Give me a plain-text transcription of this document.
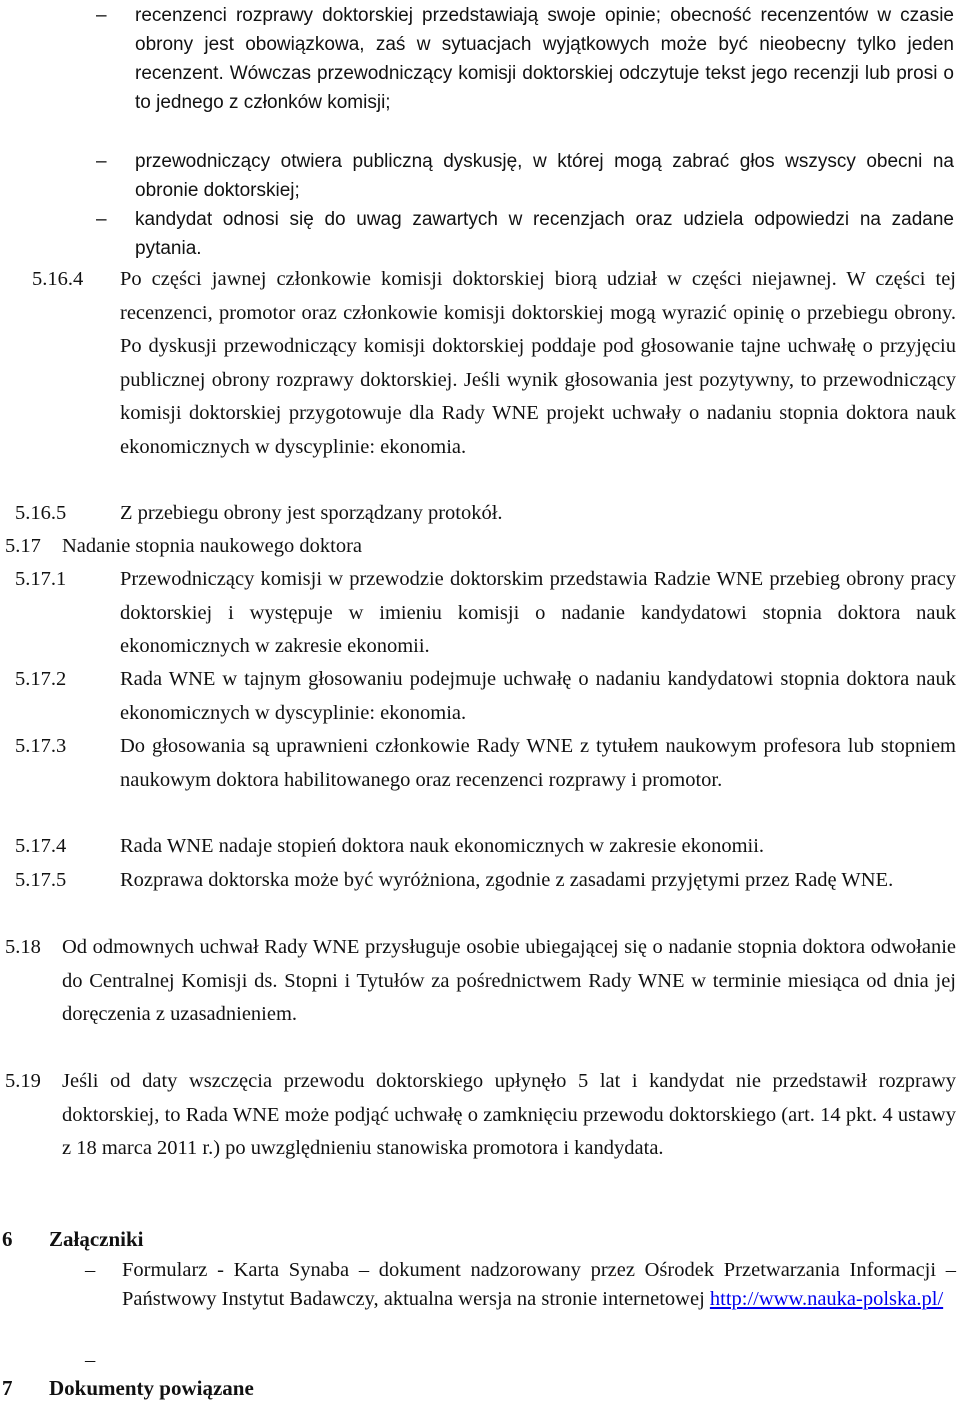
– recenzenci rozprawy doktorskiej przedstawiają swoje opinie; obecność recenzentów w czasie obrony jest obowiązkowa, zaś w sytuacjach wyjątkowych może być nieobecny tylko jeden recenzent. Wówczas przewodniczący komisji doktorskiej odczytuje tekst jego recenzji lub prosi o to jednego z członków komisji;
– przewodniczący otwiera publiczną dyskusję, w której mogą zabrać głos wszyscy obecni na obronie doktorskiej;
– kandydat odnosi się do uwag zawartych w recenzjach oraz udziela odpowiedzi na zadane pytania.
5.16.4 Po części jawnej członkowie komisji doktorskiej biorą udział w części niejawnej. W części tej recenzenci, promotor oraz członkowie komisji doktorskiej mogą wyrazić opinię o przebiegu obrony. Po dyskusji przewodniczący komisji doktorskiej poddaje pod głosowanie tajne uchwałę o przyjęciu publicznej obrony rozprawy doktorskiej. Jeśli wynik głosowania jest pozytywny, to przewodniczący komisji doktorskiej przygotowuje dla Rady WNE projekt uchwały o nadaniu stopnia doktora nauk ekonomicznych w dyscyplinie: ekonomia.
5.16.5	Z przebiegu obrony jest sporządzany protokół.
5.17 Nadanie stopnia naukowego doktora
5.17.1	Przewodniczący komisji w przewodzie doktorskim przedstawia Radzie WNE przebieg obrony pracy doktorskiej i występuje w imieniu komisji o nadanie kandydatowi stopnia doktora nauk ekonomicznych w zakresie ekonomii.
5.17.2	Rada WNE w tajnym głosowaniu podejmuje uchwałę o nadaniu kandydatowi stopnia doktora nauk ekonomicznych w dyscyplinie: ekonomia.
5.17.3	Do głosowania są uprawnieni członkowie Rady WNE z tytułem naukowym profesora lub stopniem naukowym doktora habilitowanego oraz recenzenci rozprawy i promotor.
5.17.4	Rada WNE nadaje stopień doktora nauk ekonomicznych w zakresie ekonomii.
5.17.5	Rozprawa doktorska może być wyróżniona, zgodnie z zasadami przyjętymi przez Radę WNE.
5.18 Od odmownych uchwał Rady WNE przysługuje osobie ubiegającej się o nadanie stopnia doktora odwołanie do Centralnej Komisji ds. Stopni i Tytułów za pośrednictwem Rady WNE w terminie miesiąca od dnia jej doręczenia z uzasadnieniem.
5.19 Jeśli od daty wszczęcia przewodu doktorskiego upłynęło 5 lat i kandydat nie przedstawił rozprawy doktorskiej, to Rada WNE może podjąć uchwałę o zamknięciu przewodu doktorskiego (art. 14 pkt. 4 ustawy z 18 marca 2011 r.) po uwzględnieniu stanowiska promotora i kandydata.
6 Załączniki
– Formularz - Karta Synaba – dokument nadzorowany przez Ośrodek Przetwarzania Informacji – Państwowy Instytut Badawczy, aktualna wersja na stronie internetowej http://www.nauka-polska.pl/
–
7 Dokumenty powiązane
